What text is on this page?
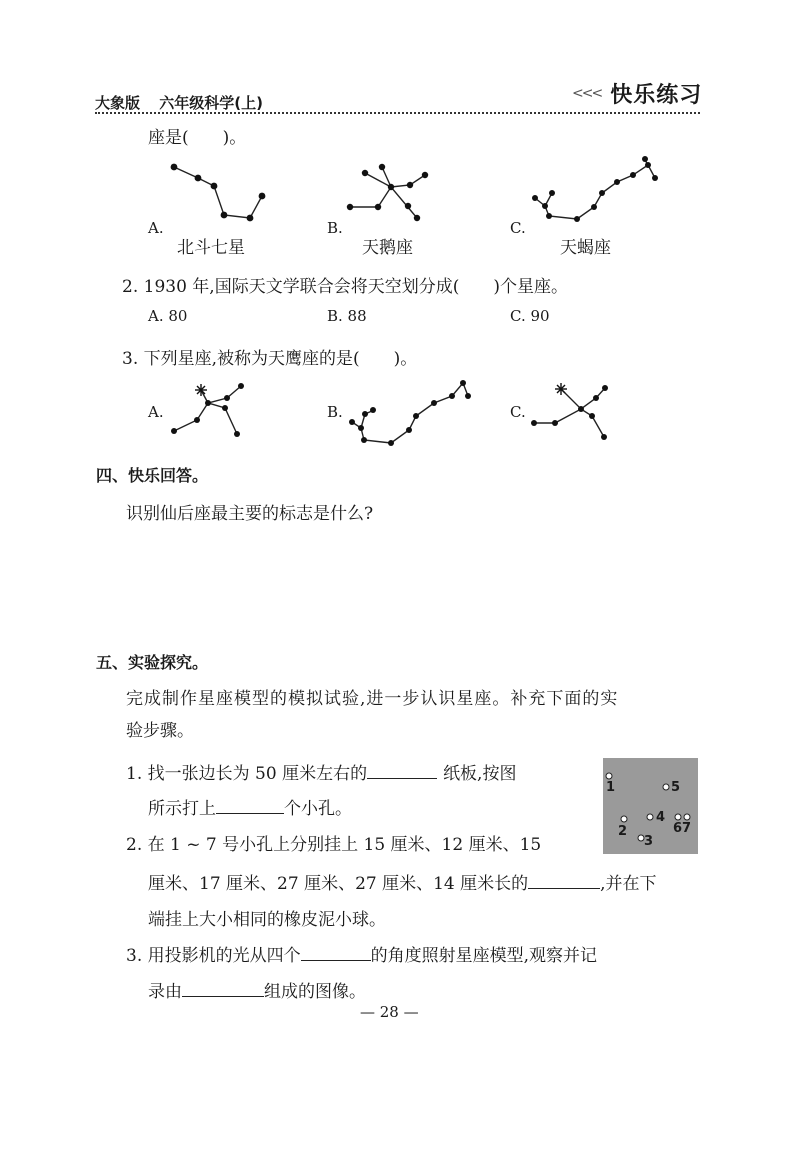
大象版 六年级科学(上)
<<< 快乐练习
座是(　　)。
A.
北斗七星
B.
天鹅座
C.
天蝎座
2. 1930 年,国际天文学联合会将天空划分成(　　)个星座。
A. 80	B. 88	C. 90
3. 下列星座,被称为天鹰座的是(　　)。
A.	B.	C.
四、快乐回答。
识别仙后座最主要的标志是什么?
五、实验探究。
完成制作星座模型的模拟试验,进一步认识星座。补充下面的实
验步骤。
1. 找一张边长为 50 厘米左右的	纸板,按图
所示打上	个小孔。
1	5
4
67
2
3
2. 在 1 ~ 7 号小孔上分别挂上 15 厘米、12 厘米、15
厘米、17 厘米、27 厘米、27 厘米、14 厘米长的	,并在下
端挂上大小相同的橡皮泥小球。
3. 用投影机的光从四个	的角度照射星座模型,观察并记
录由	组成的图像。
— 28 —
